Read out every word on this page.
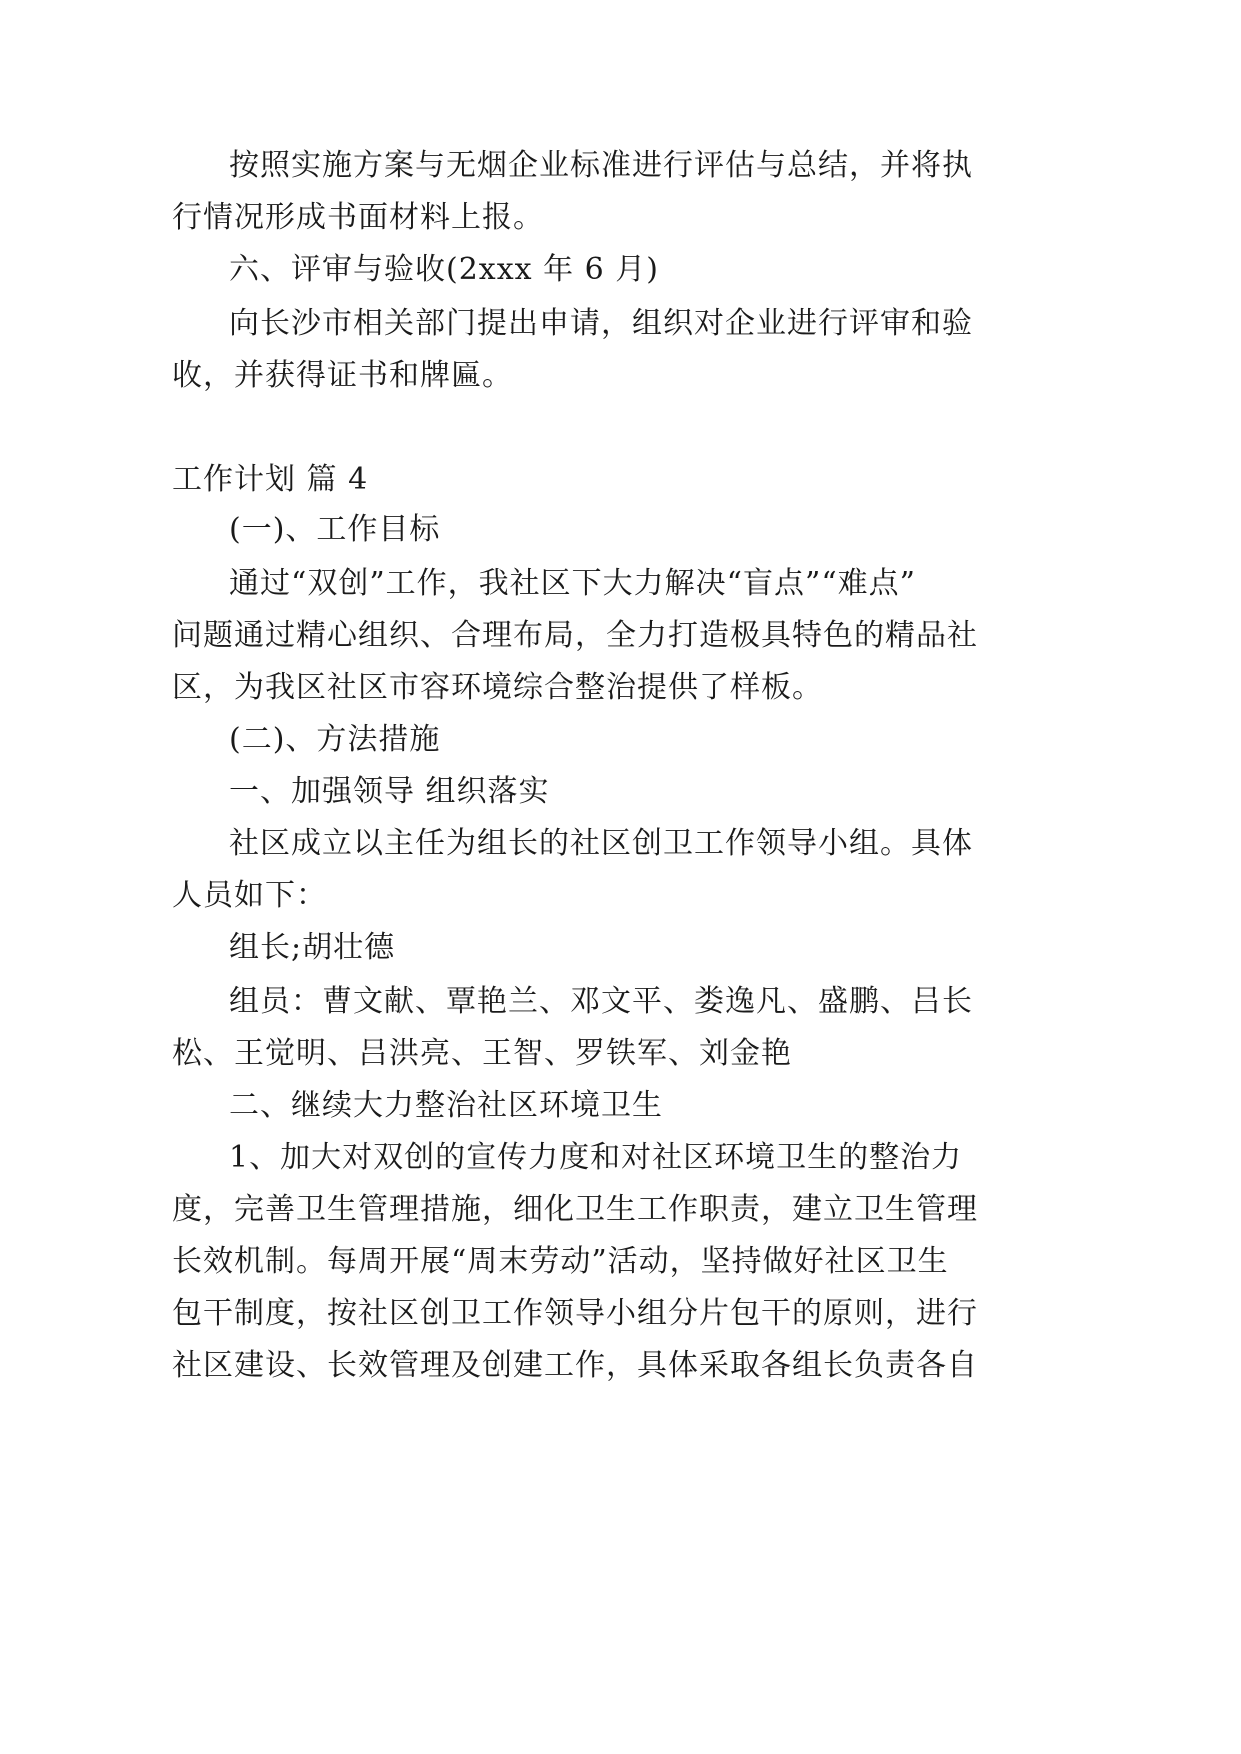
按照实施方案与无烟企业标准进行评估与总结，并将执
行情况形成书面材料上报。
六、评审与验收(2xxx 年 6 月)
向长沙市相关部门提出申请，组织对企业进行评审和验
收，并获得证书和牌匾。
工作计划 篇 4
(一)、工作目标
通过“双创”工作，我社区下大力解决“盲点”“难点”
问题通过精心组织、合理布局，全力打造极具特色的精品社
区，为我区社区市容环境综合整治提供了样板。
(二)、方法措施
一、加强领导 组织落实
社区成立以主任为组长的社区创卫工作领导小组。具体
人员如下：
组长;胡壮德
组员：曹文献、覃艳兰、邓文平、娄逸凡、盛鹏、吕长
松、王觉明、吕洪亮、王智、罗铁军、刘金艳
二、继续大力整治社区环境卫生
1、加大对双创的宣传力度和对社区环境卫生的整治力
度，完善卫生管理措施，细化卫生工作职责，建立卫生管理
长效机制。每周开展“周末劳动”活动，坚持做好社区卫生
包干制度，按社区创卫工作领导小组分片包干的原则，进行
社区建设、长效管理及创建工作，具体采取各组长负责各自
